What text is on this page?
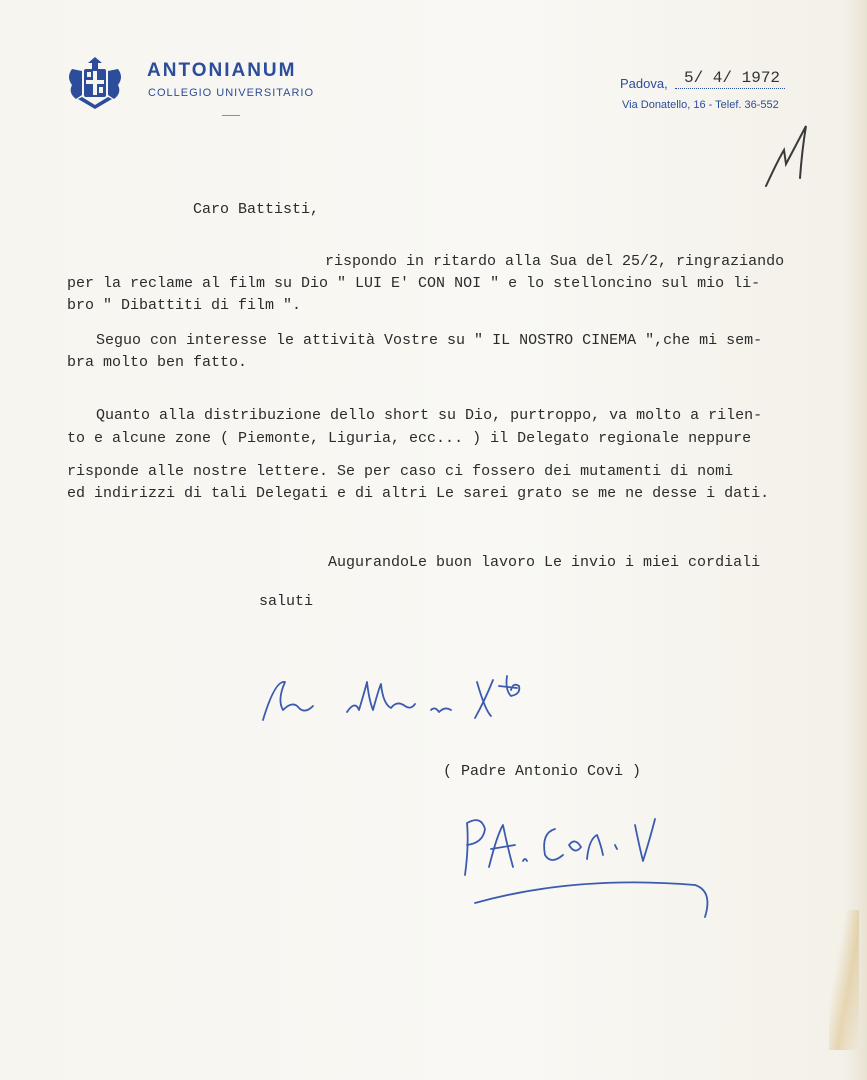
ANTONIANUM
COLLEGIO UNIVERSITARIO
Padova, 5/ 4/ 1972
Via Donatello, 16 - Telef. 36-552
Caro Battisti,
rispondo in ritardo alla Sua del 25/2, ringraziando
per la reclame al film su Dio " LUI E' CON NOI " e lo stelloncino sul mio li-
bro " Dibattiti di film ".
Seguo con interesse le attività Vostre su " IL NOSTRO CINEMA ",che mi sem-
bra molto ben fatto.
Quanto alla distribuzione dello short su Dio, purtroppo, va molto a rilen-
to e alcune zone ( Piemonte, Liguria, ecc... ) il Delegato regionale neppure
risponde alle nostre lettere. Se per caso ci fossero dei mutamenti di nomi
ed indirizzi di tali Delegati e di altri Le sarei grato se me ne desse i dati.
AugurandoLe buon lavoro Le invio i miei cordiali
saluti
( Padre Antonio Covi )
